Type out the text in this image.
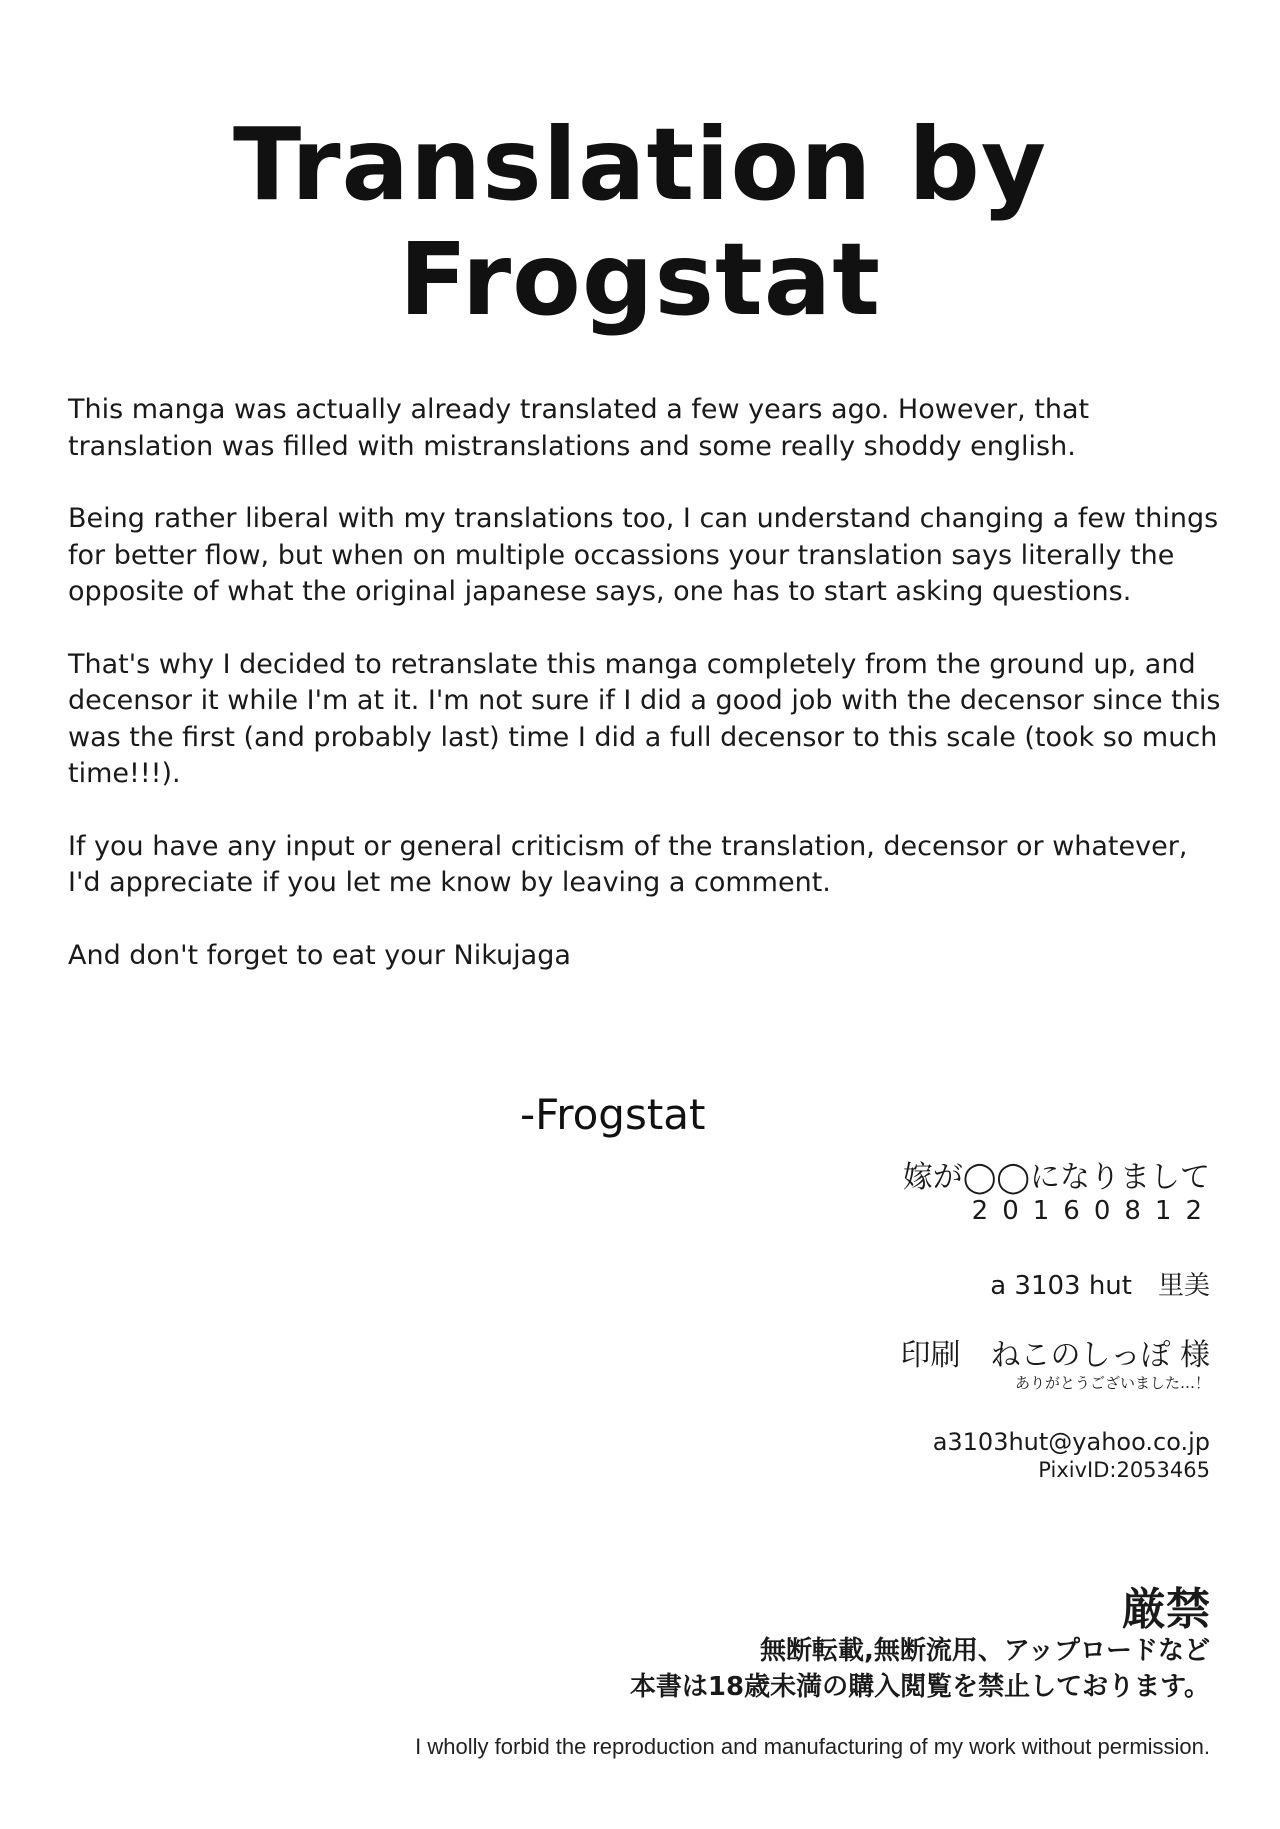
Translation by
Frogstat

This manga was actually already translated a few years ago. However, that translation was filled with mistranslations and some really shoddy english.

Being rather liberal with my translations too, I can understand changing a few things for better flow, but when on multiple occassions your translation says literally the opposite of what the original japanese says, one has to start asking questions.

That's why I decided to retranslate this manga completely from the ground up, and decensor it while I'm at it. I'm not sure if I did a good job with the decensor since this was the first (and probably last) time I did a full decensor to this scale (took so much time!!!).

If you have any input or general criticism of the translation, decensor or whatever, I'd appreciate if you let me know by leaving a comment.

And don't forget to eat your Nikujaga

-Frogstat
嫁が◯◯になりまして
20160812
a 3103 hut　里美
印刷　ねこのしっぽ 様
ありがとうございました…！
a3103hut@yahoo.co.jp
PixivID:2053465
厳禁
無断転載,無断流用、アップロードなど
本書は18歳未満の購入閲覧を禁止しております。
I wholly forbid the reproduction and manufacturing of my work without permission.
